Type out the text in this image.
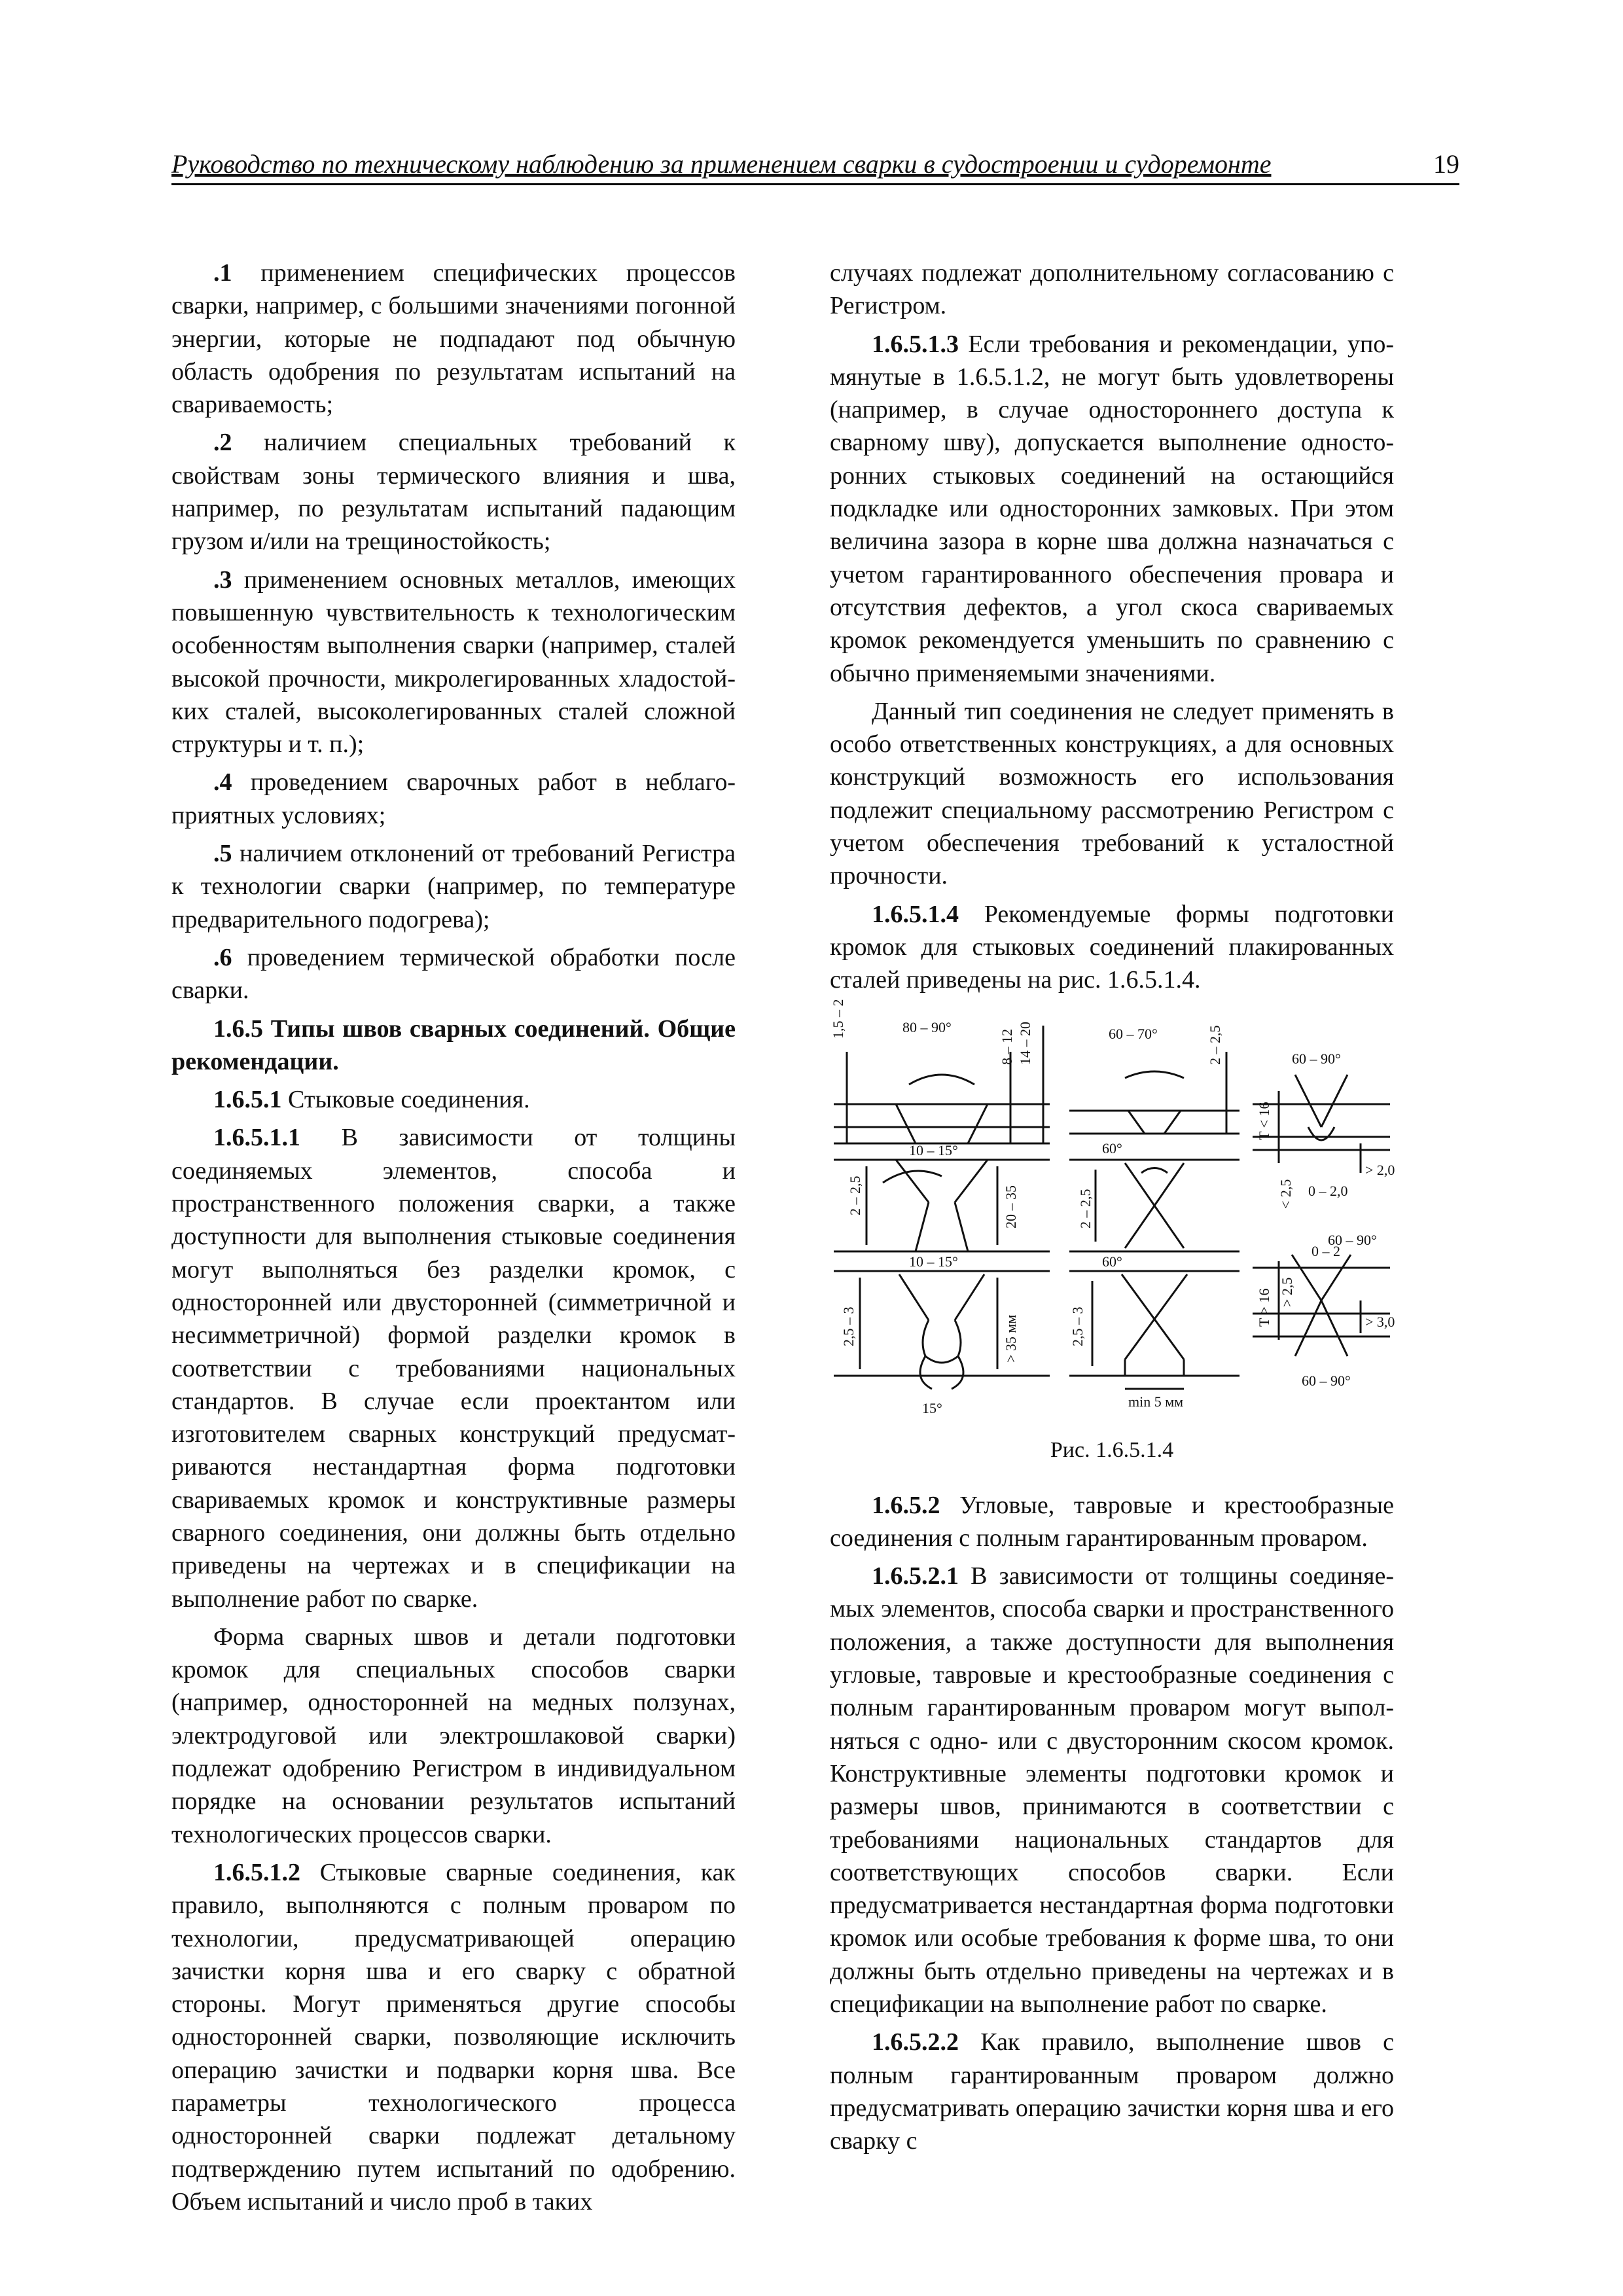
Руководство по техническому наблюдению за применением сварки в судостроении и судоремонте	19

.1 применением специфических процессов сварки, например, с большими значениями погонной энергии, которые не подпадают под обычную область одобрения по результатам испытаний на свариваемость;

.2 наличием специальных требований к свойствам зоны термического влияния и шва, например, по результатам испытаний падающим грузом и/или на трещиностойкость;

.3 применением основных металлов, имеющих повышенную чувствительность к технологическим особенностям выполнения сварки (например, сталей высокой прочности, микролегированных хладостойких сталей, высоколегированных сталей сложной структуры и т. п.);

.4 проведением сварочных работ в неблагоприятных условиях;

.5 наличием отклонений от требований Регистра к технологии сварки (например, по температуре предварительного подогрева);

.6 проведением термической обработки после сварки.

1.6.5 Типы швов сварных соединений. Общие рекомендации.

1.6.5.1 Стыковые соединения.

1.6.5.1.1 В зависимости от толщины соединяемых элементов, способа и пространственного положения сварки, а также доступности для выполнения стыковые соединения могут выполняться без разделки кромок, с односторонней или двусторонней (симметричной и несимметричной) формой разделки кромок в соответствии с требованиями национальных стандартов. В случае если проектантом или изготовителем сварных конструкций предусматриваются нестандартная форма подготовки свариваемых кромок и конструктивные размеры сварного соединения, они должны быть отдельно приведены на чертежах и в спецификации на выполнение работ по сварке.

Форма сварных швов и детали подготовки кромок для специальных способов сварки (например, односторонней на медных ползунах, электродуговой или электрошлаковой сварки) подлежат одобрению Регистром в индивидуальном порядке на основании результатов испытаний технологических процессов сварки.

1.6.5.1.2 Стыковые сварные соединения, как правило, выполняются с полным проваром по технологии, предусматривающей операцию зачистки корня шва и его сварку с обратной стороны. Могут применяться другие способы односторонней сварки, позволяющие исключить операцию зачистки и подварки корня шва. Все параметры технологического процесса односторонней сварки подлежат детальному подтверждению путем испытаний по одобрению. Объем испытаний и число проб в таких

случаях подлежат дополнительному согласованию с Регистром.

1.6.5.1.3 Если требования и рекомендации, упомянутые в 1.6.5.1.2, не могут быть удовлетворены (например, в случае одностороннего доступа к сварному шву), допускается выполнение односторонних стыковых соединений на остающийся подкладке или односторонних замковых. При этом величина зазора в корне шва должна назначаться с учетом гарантированного обеспечения провара и отсутствия дефектов, а угол скоса свариваемых кромок рекомендуется уменьшить по сравнению с обычно применяемыми значениями.

Данный тип соединения не следует применять в особо ответственных конструкциях, а для основных конструкций возможность его использования подлежит специальному рассмотрению Регистром с учетом обеспечения требований к усталостной прочности.

1.6.5.1.4 Рекомендуемые формы подготовки кромок для стыковых соединений плакированных сталей приведены на рис. 1.6.5.1.4.

1,5 – 2	80 – 90°
8 – 12 14 – 20	60 – 70°	2 – 2,5
10 – 15°	60°
2 – 2,5	20 – 35	2 – 2,5
10 – 15°	60°
2,5 – 3	> 35 мм	2,5 – 3
min 5 мм
15°
60 – 90°
T < 16
< 2,5 0 – 2,0
> 2,0
60 – 90°
0 – 2
T > 16 > 2,5
> 3,0
60 – 90°
Рис. 1.6.5.1.4

1.6.5.2 Угловые, тавровые и крестообразные соединения с полным гарантированным проваром.

1.6.5.2.1 В зависимости от толщины соединяемых элементов, способа сварки и пространственного положения, а также доступности для выполнения угловые, тавровые и крестообразные соединения с полным гарантированным проваром могут выполняться с одно- или с двусторонним скосом кромок. Конструктивные элементы подготовки кромок и размеры швов, принимаются в соответствии с требованиями национальных стандартов для соответствующих способов сварки. Если предусматривается нестандартная форма подготовки кромок или особые требования к форме шва, то они должны быть отдельно приведены на чертежах и в спецификации на выполнение работ по сварке.

1.6.5.2.2 Как правило, выполнение швов с полным гарантированным проваром должно предусматривать операцию зачистки корня шва и его сварку с
